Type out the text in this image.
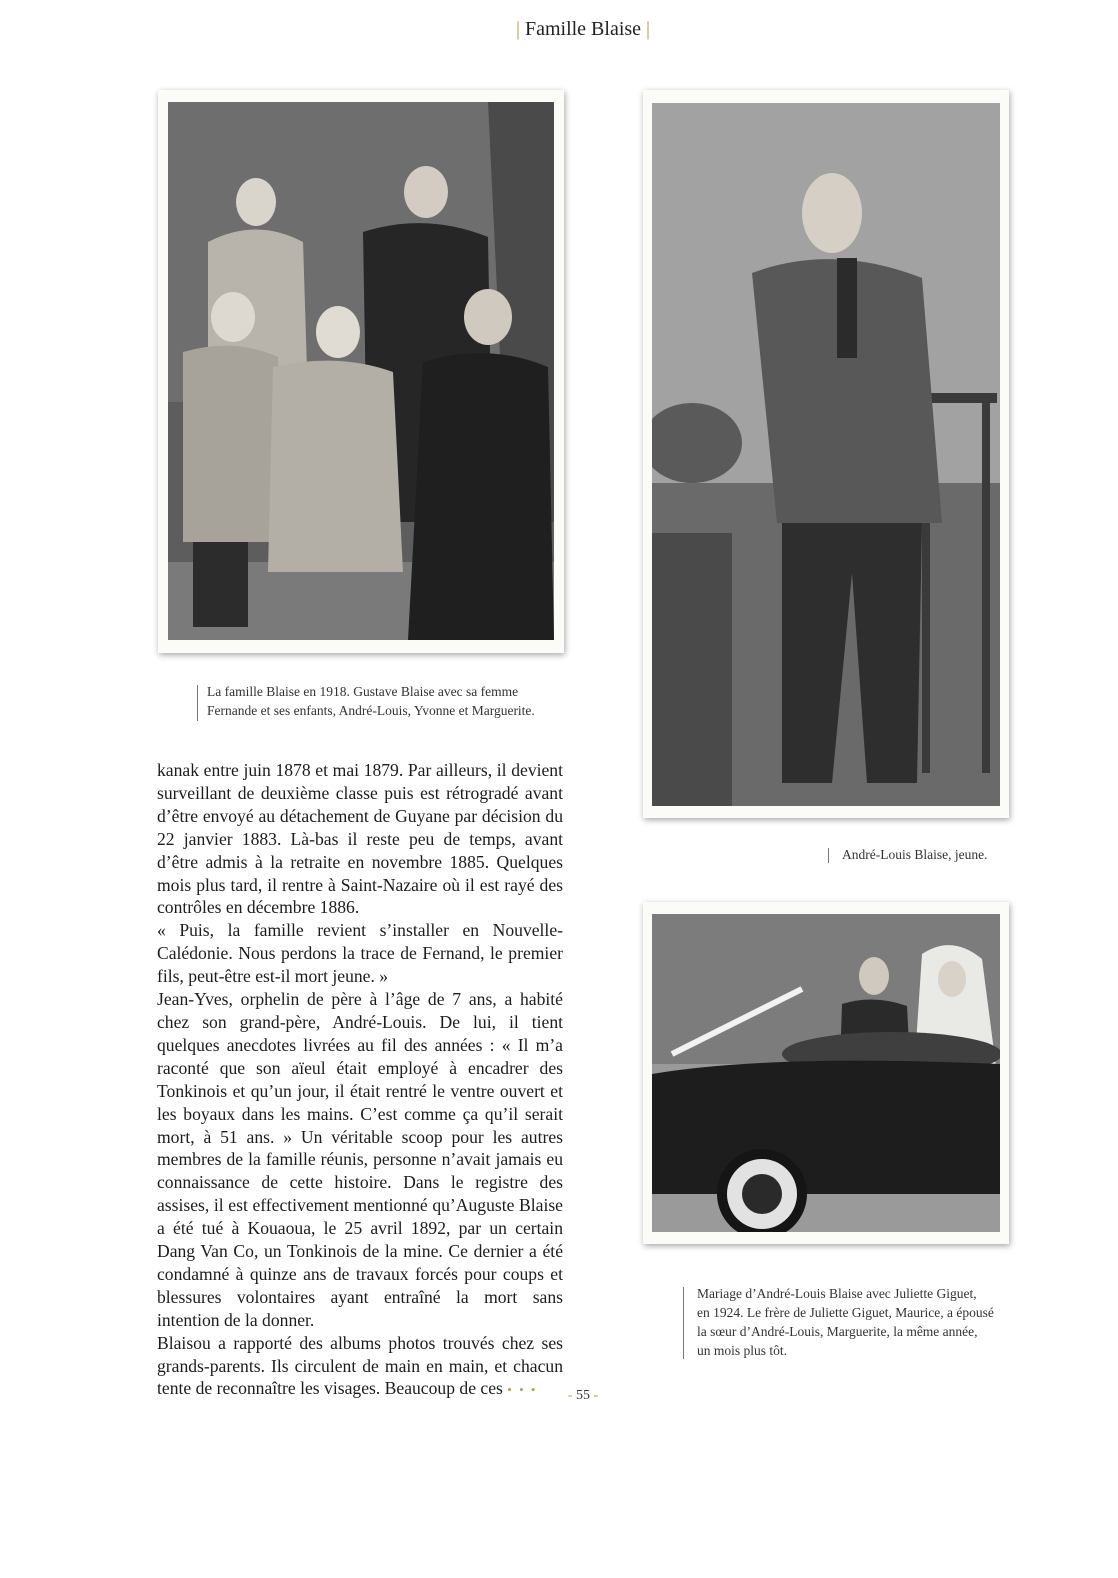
| Famille Blaise |
La famille Blaise en 1918. Gustave Blaise avec sa femme
Fernande et ses enfants, André-Louis, Yvonne et Marguerite.
André-Louis Blaise, jeune.
Mariage d’André-Louis Blaise avec Juliette Giguet,
en 1924. Le frère de Juliette Giguet, Maurice, a épousé
la sœur d’André-Louis, Marguerite, la même année,
un mois plus tôt.

kanak entre juin 1878 et mai 1879. Par ailleurs, il devient surveillant de deuxième classe puis est rétrogradé avant d’être envoyé au détachement de Guyane par décision du 22 janvier 1883. Là-bas il reste peu de temps, avant d’être admis à la retraite en novembre 1885. Quelques mois plus tard, il rentre à Saint-Nazaire où il est rayé des contrôles en décembre 1886.

« Puis, la famille revient s’installer en Nouvelle-Calédonie. Nous perdons la trace de Fernand, le premier fils, peut-être est-il mort jeune. »

Jean-Yves, orphelin de père à l’âge de 7 ans, a habité chez son grand-père, André-Louis. De lui, il tient quelques anecdotes livrées au fil des années : « Il m’a raconté que son aïeul était employé à encadrer des Tonkinois et qu’un jour, il était rentré le ventre ouvert et les boyaux dans les mains. C’est comme ça qu’il serait mort, à 51 ans. » Un véritable scoop pour les autres membres de la famille réunis, personne n’avait jamais eu connaissance de cette histoire. Dans le registre des assises, il est effectivement mentionné qu’Auguste Blaise a été tué à Kouaoua, le 25 avril 1892, par un certain Dang Van Co, un Tonkinois de la mine. Ce dernier a été condamné à quinze ans de travaux forcés pour coups et blessures volontaires ayant entraîné la mort sans intention de la donner.

Blaisou a rapporté des albums photos trouvés chez ses grands-parents. Ils circulent de main en main, et chacun tente de reconnaître les visages. Beaucoup de ces • • •	- 55 -
